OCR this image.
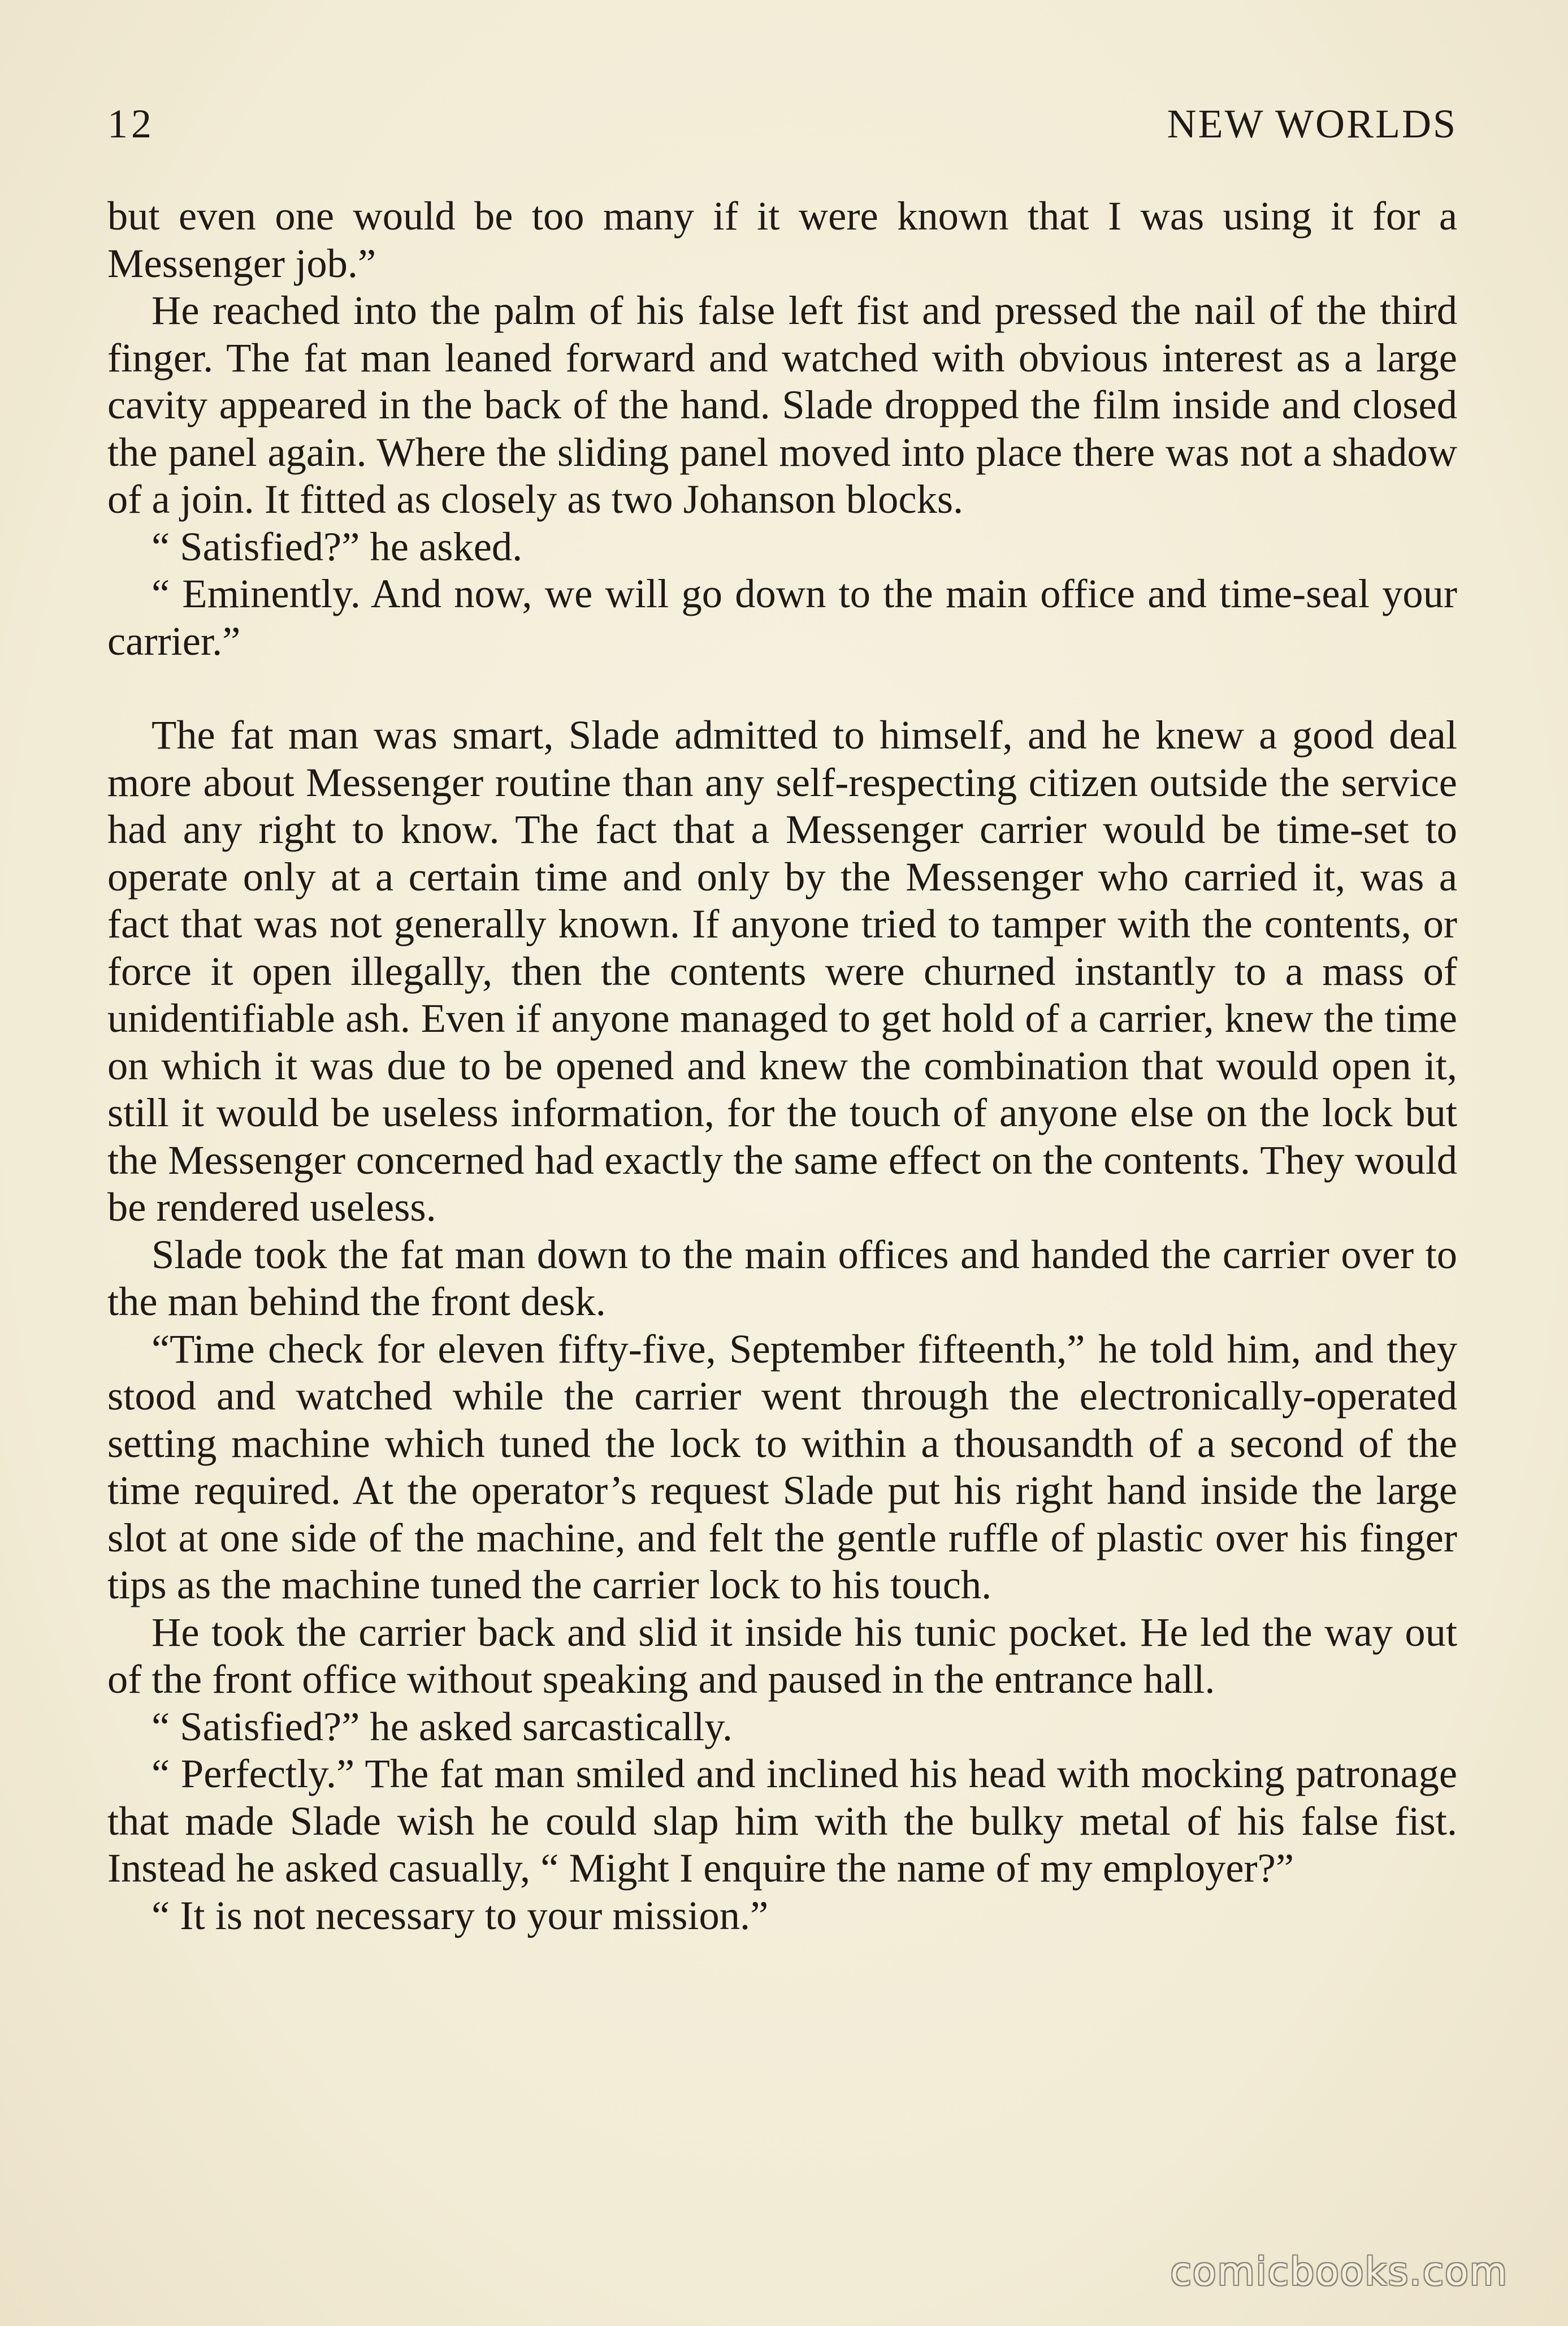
12	NEW WORLDS

but even one would be too many if it were known that I was using it for a Messenger job.”

He reached into the palm of his false left fist and pressed the nail of the third finger. The fat man leaned forward and watched with obvious interest as a large cavity appeared in the back of the hand. Slade dropped the film inside and closed the panel again. Where the sliding panel moved into place there was not a shadow of a join. It fitted as closely as two Johanson blocks.

“ Satisfied?” he asked.

“ Eminently. And now, we will go down to the main office and time-seal your carrier.”

The fat man was smart, Slade admitted to himself, and he knew a good deal more about Messenger routine than any self-respecting citizen outside the service had any right to know. The fact that a Messenger carrier would be time-set to operate only at a certain time and only by the Messenger who carried it, was a fact that was not generally known. If anyone tried to tamper with the contents, or force it open illegally, then the contents were churned instantly to a mass of unidentifiable ash. Even if anyone managed to get hold of a carrier, knew the time on which it was due to be opened and knew the combination that would open it, still it would be useless information, for the touch of anyone else on the lock but the Messenger concerned had exactly the same effect on the contents. They would be rendered useless.

Slade took the fat man down to the main offices and handed the carrier over to the man behind the front desk.

“Time check for eleven fifty-five, September fifteenth,” he told him, and they stood and watched while the carrier went through the electronically-operated setting machine which tuned the lock to within a thousandth of a second of the time required. At the operator’s request Slade put his right hand inside the large slot at one side of the machine, and felt the gentle ruffle of plastic over his finger tips as the machine tuned the carrier lock to his touch.

He took the carrier back and slid it inside his tunic pocket. He led the way out of the front office without speaking and paused in the entrance hall.

“ Satisfied?” he asked sarcastically.

“ Perfectly.” The fat man smiled and inclined his head with mocking patronage that made Slade wish he could slap him with the bulky metal of his false fist. Instead he asked casually, “ Might I enquire the name of my employer?”

“ It is not necessary to your mission.”

comicbooks.com
